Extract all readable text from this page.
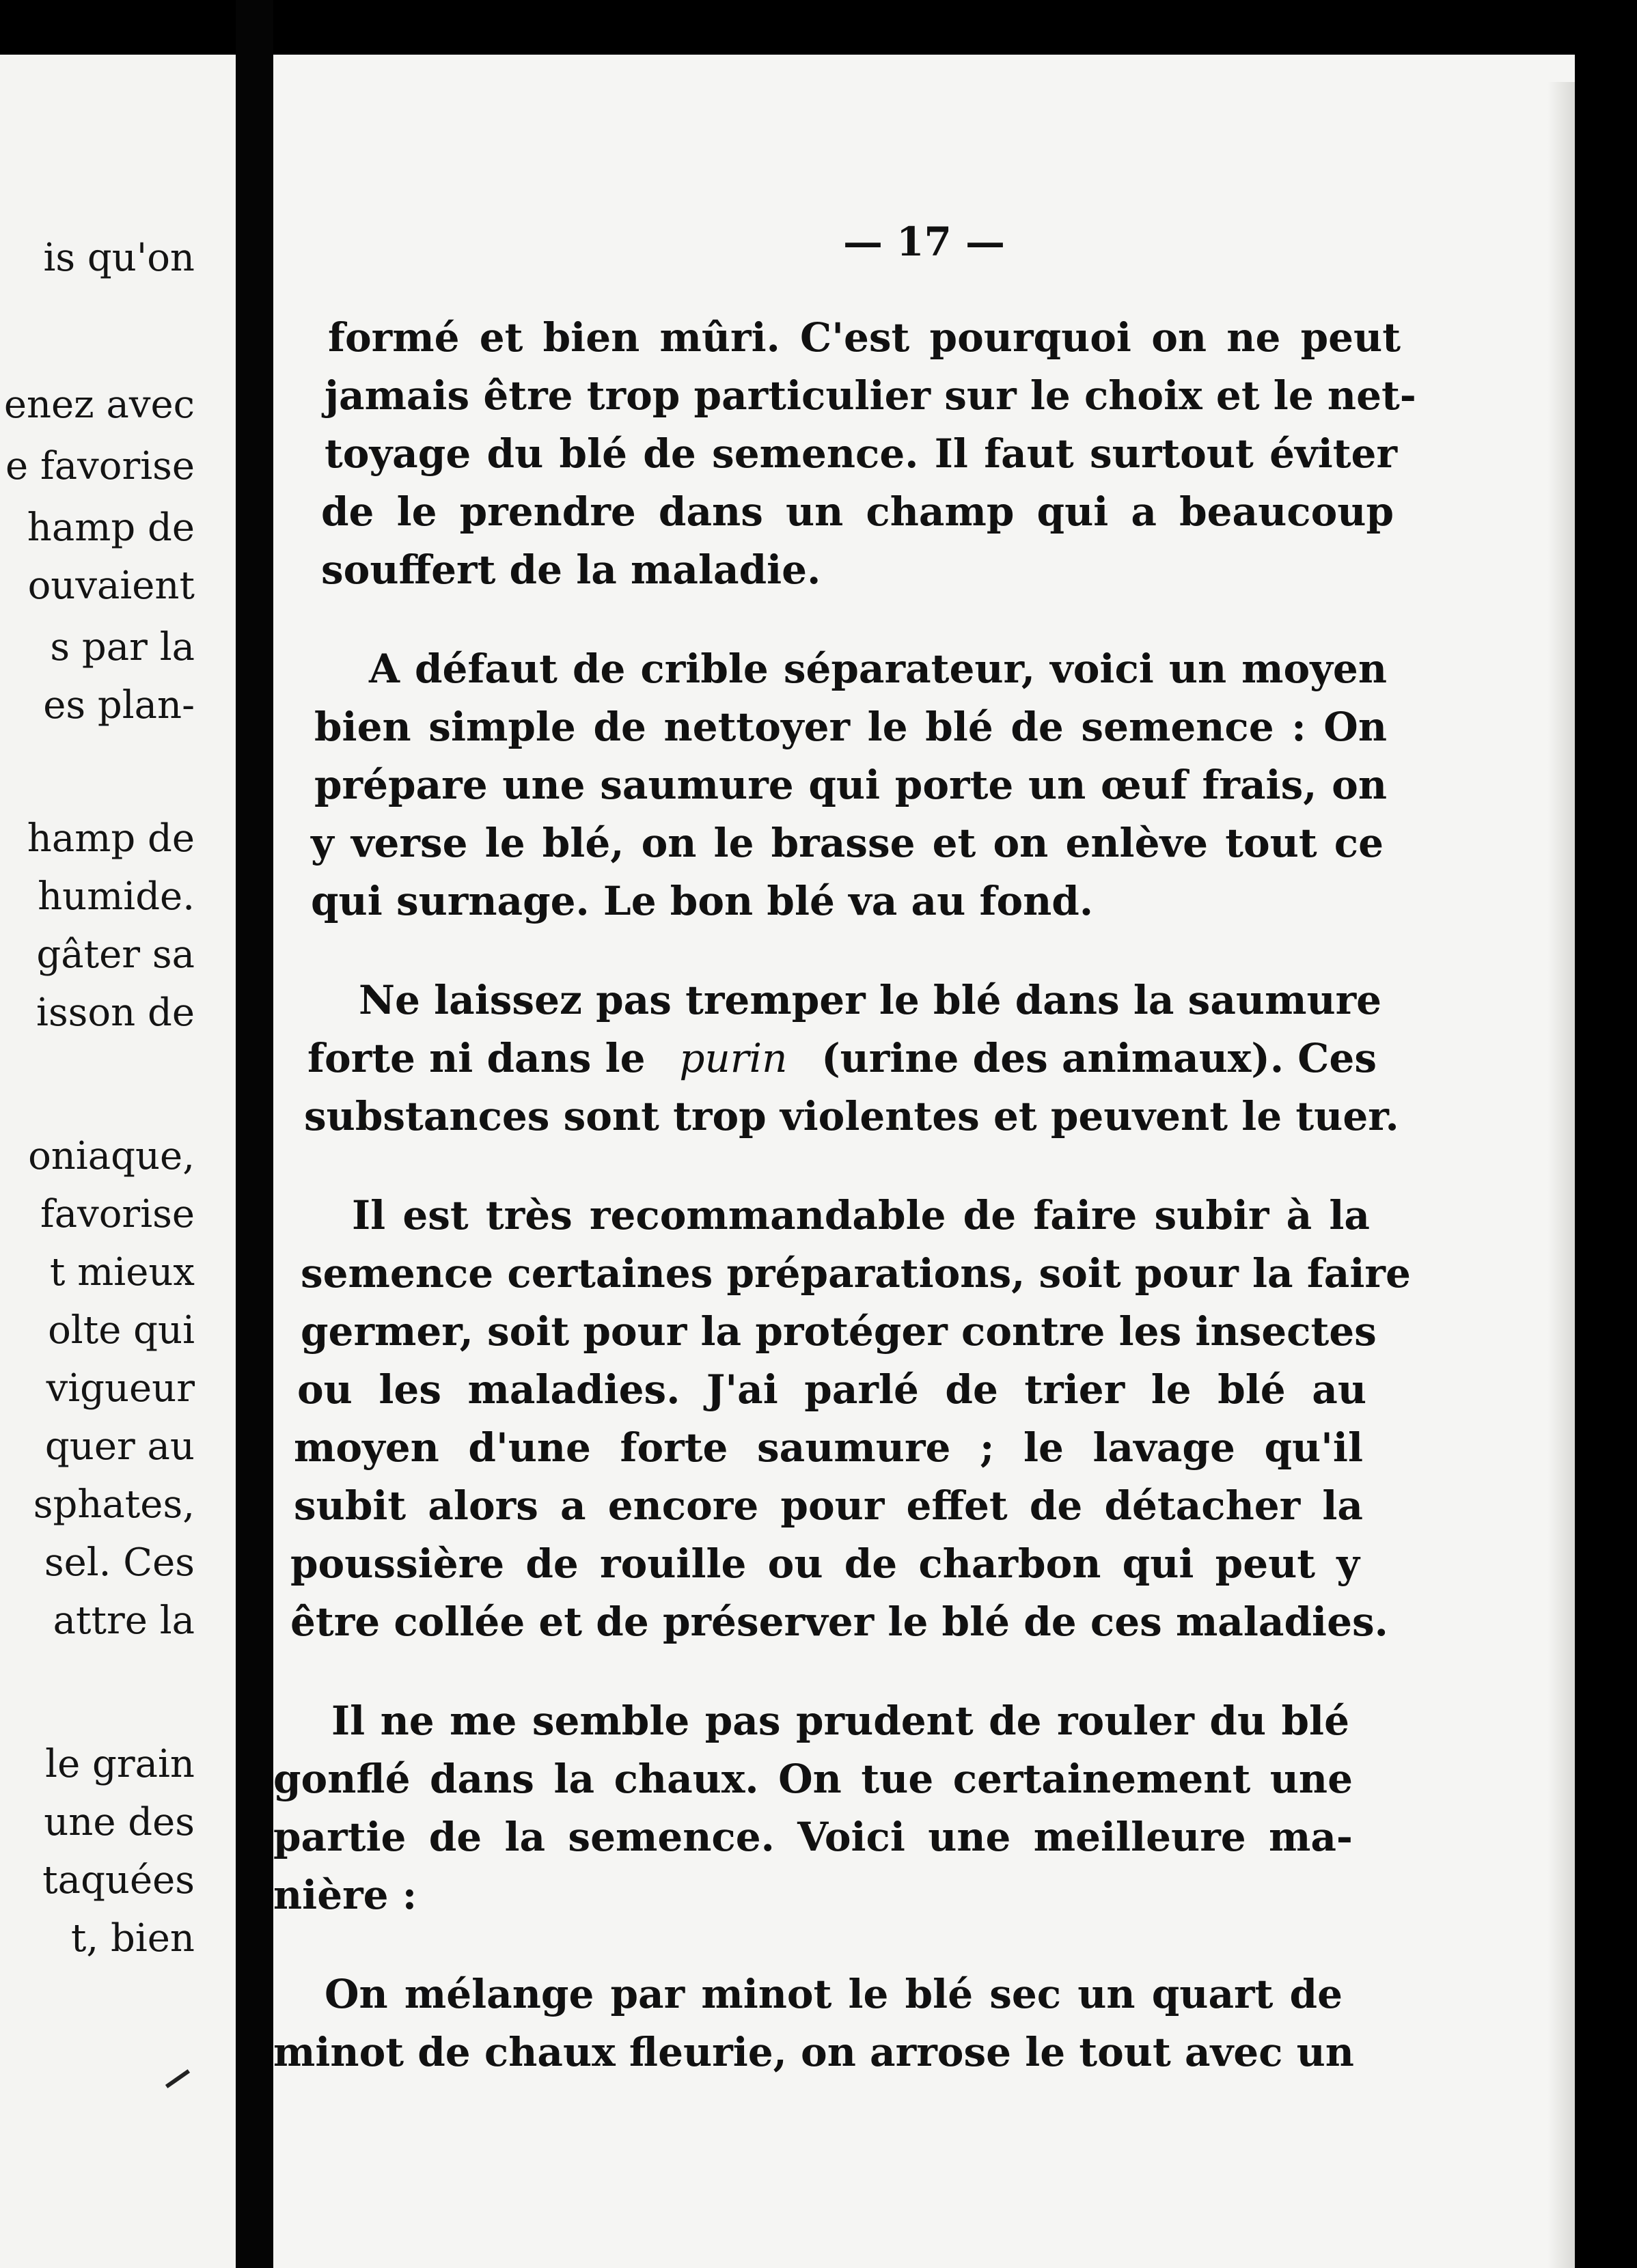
is qu'on
enez avec
e favorise
hamp de
ouvaient
s par la
es plan-
hamp de
humide.
gâter sa
isson de
oniaque,
favorise
t mieux
olte qui
vigueur
quer au
sphates,
sel. Ces
attre la
le grain
une des
taquées
t, bien
— 17 —
formé et bien mûri. C'est pourquoi on ne peut
jamais être trop particulier sur le choix et le net-
toyage du blé de semence. Il faut surtout éviter
de le prendre dans un champ qui a beaucoup
souffert de la maladie.
A défaut de crible séparateur, voici un moyen
bien simple de nettoyer le blé de semence : On
prépare une saumure qui porte un œuf frais, on
y verse le blé, on le brasse et on enlève tout ce
qui surnage. Le bon blé va au fond.
Ne laissez pas tremper le blé dans la saumure
forte ni dans le purin (urine des animaux). Ces
substances sont trop violentes et peuvent le tuer.
Il est très recommandable de faire subir à la
semence certaines préparations, soit pour la faire
germer, soit pour la protéger contre les insectes
ou les maladies. J'ai parlé de trier le blé au
moyen d'une forte saumure ; le lavage qu'il
subit alors a encore pour effet de détacher la
poussière de rouille ou de charbon qui peut y
être collée et de préserver le blé de ces maladies.
Il ne me semble pas prudent de rouler du blé
gonflé dans la chaux. On tue certainement une
partie de la semence. Voici une meilleure ma-
nière :
On mélange par minot le blé sec un quart de
minot de chaux fleurie, on arrose le tout avec un
